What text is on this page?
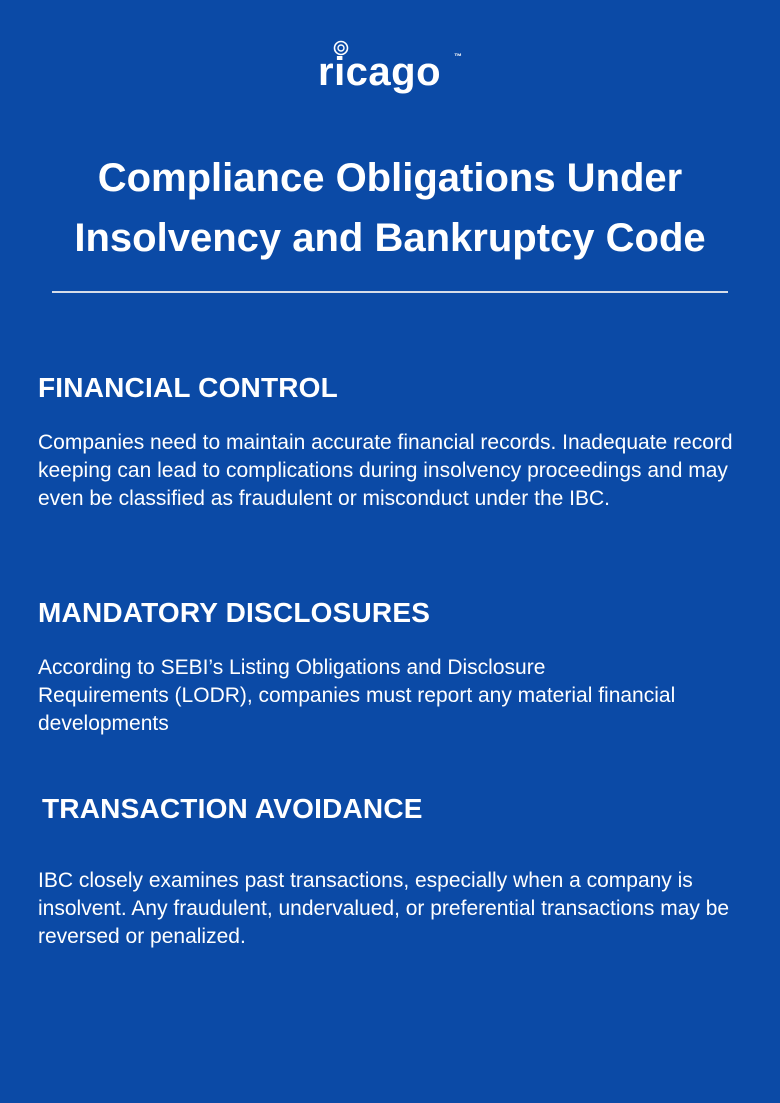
ricago ™
Compliance Obligations Under
Insolvency and Bankruptcy Code
FINANCIAL CONTROL

Companies need to maintain accurate financial records. Inadequate record keeping can lead to complications during insolvency proceedings and may even be classified as fraudulent or misconduct under the IBC.

MANDATORY DISCLOSURES

According to SEBI’s Listing Obligations and Disclosure Requirements (LODR), companies must report any material financial developments

TRANSACTION AVOIDANCE

IBC closely examines past transactions, especially when a company is insolvent. Any fraudulent, undervalued, or preferential transactions may be reversed or penalized.
